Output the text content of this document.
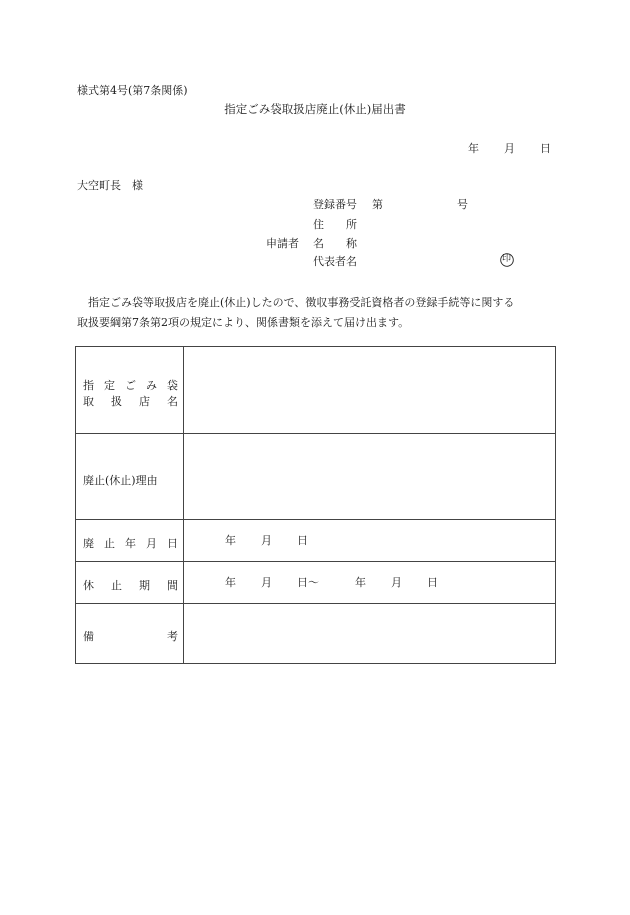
様式第4号(第7条関係)
指定ごみ袋取扱店廃止(休止)届出書
年 月 日
大空町長　様
登録番号 第	号
住　　所
申請者 名　　称
代表者名	印

　指定ごみ袋等取扱店を廃止(休止)したので、徴収事務受託資格者の登録手続等に関する

取扱要綱第7条第2項の規定により、関係書類を添えて届け出ます。

指定ごみ袋
取扱店名
廃止(休止)理由
廃止年月日	年 月 日
休止期間	年 月 日～	年 月 日
備考
